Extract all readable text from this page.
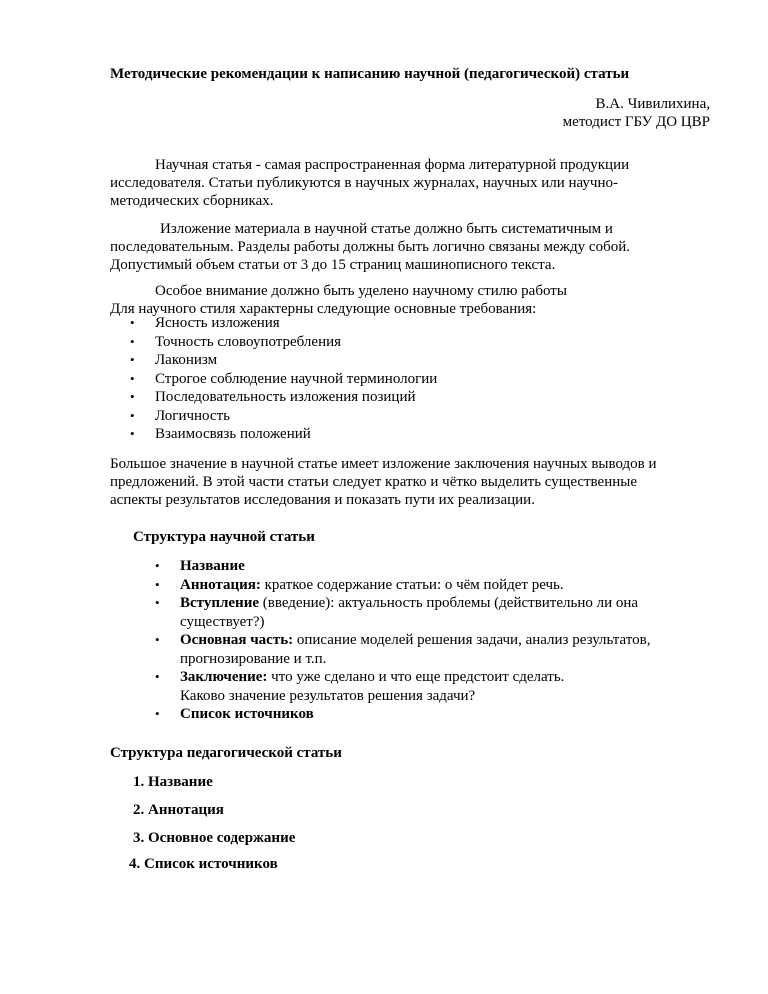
Методические рекомендации к написанию научной (педагогической) статьи
В.А. Чивилихина,
методист ГБУ ДО ЦВР
Научная статья - самая распространенная форма литературной продукции
исследователя. Статьи публикуются в научных журналах, научных или научно-
методических сборниках.
Изложение материала в научной статье должно быть систематичным и
последовательным. Разделы работы должны быть логично связаны между собой.
Допустимый объем статьи от 3 до 15 страниц машинописного текста.
Особое внимание должно быть уделено научному стилю работы
Для научного стиля характерны следующие основные требования:
• Ясность изложения
• Точность словоупотребления
• Лаконизм
• Строгое соблюдение научной терминологии
• Последовательность изложения позиций
• Логичность
• Взаимосвязь положений
Большое значение в научной статье имеет изложение заключения научных выводов и
предложений. В этой части статьи следует кратко и чётко выделить существенные
аспекты результатов исследования и показать пути их реализации.
Структура научной статьи
• Название
• Аннотация: краткое содержание статьи: о чём пойдет речь.
• Вступление (введение): актуальность проблемы (действительно ли она
существует?)
• Основная часть: описание моделей решения задачи, анализ результатов,
прогнозирование и т.п.
• Заключение: что уже сделано и что еще предстоит сделать.
Каково значение результатов решения задачи?
• Список источников
Структура педагогической статьи
1. Название
2. Аннотация
3. Основное содержание
4. Список источников
